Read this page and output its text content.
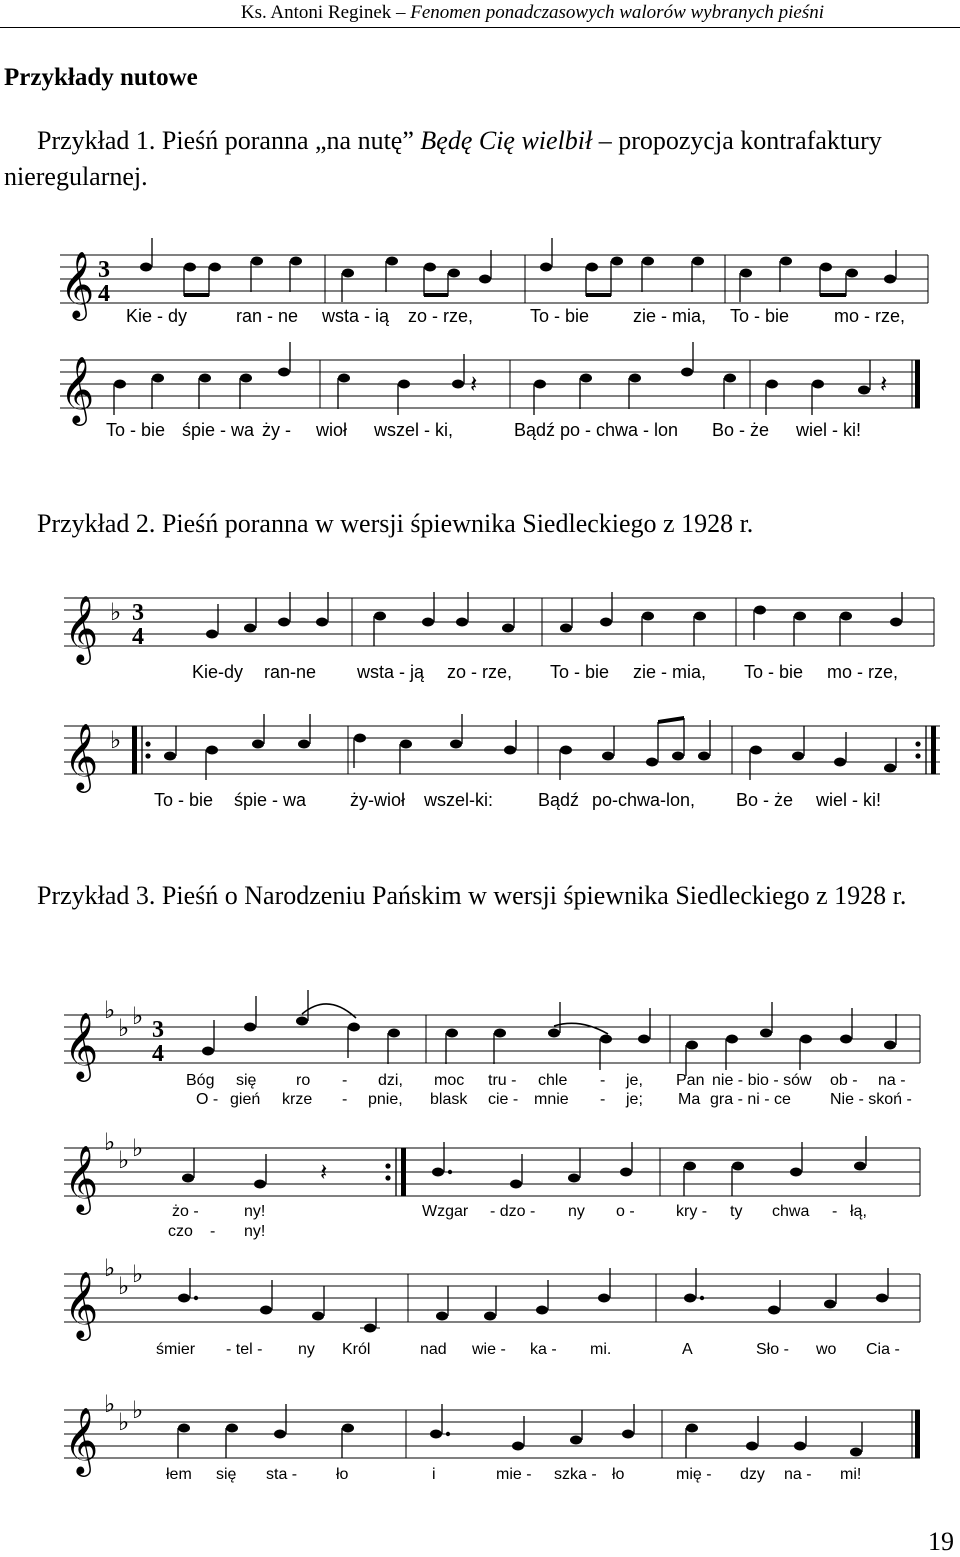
Ks. Antoni Reginek – Fenomen ponadczasowych walorów wybranych pieśni
Przykłady nutowe
Przykład 1. Pieśń poranna „na nutę” Będę Cię wielbił – propozycja kontrafaktury nieregularnej.
𝄞 3
4
Kie - dy	ran - ne wsta - ią zo - rze,	To - bie zie - mia, To - bie mo - rze,
𝄞	𝄽	𝄽
To - bie śpie - wa ży - wioł wszel - ki,	Bądź po - chwa - lon Bo - że wiel - ki!
Przykład 2. Pieśń poranna w wersji śpiewnika Siedleckiego z 1928 r.
𝄞 ♭ 3
4
Kie-dy ran-ne wsta - ją zo - rze, To - bie zie - mia, To - bie mo - rze,
𝄞 ♭
To - bie śpie - wa ży-wioł wszel-ki: Bądź po-chwa-lon, Bo - że wiel - ki!
Przykład 3. Pieśń o Narodzeniu Pańskim w wersji śpiewnika Siedleckiego z 1928 r.
𝄞
♭
♭ ♭ 3
4
Bóg się ro - dzi, moc tru - chle - je, Pan nie - bio - sów ob - na -
O - gień krze - pnie, blask cie - mnie - je; Ma gra - ni - ce Nie - skoń -
𝄞
♭
♭ ♭
𝄽
żo -	ny!	Wzgar - dzo - ny o -	kry - ty chwa - łą,
czo - ny!
𝄞
♭
♭ ♭
śmier - tel - ny Król	nad wie - ka - mi.	A	Sło - wo Cia -
𝄞
♭
♭ ♭
łem się sta - ło	i	mie - szka - ło	mię - dzy na - mi!
19
